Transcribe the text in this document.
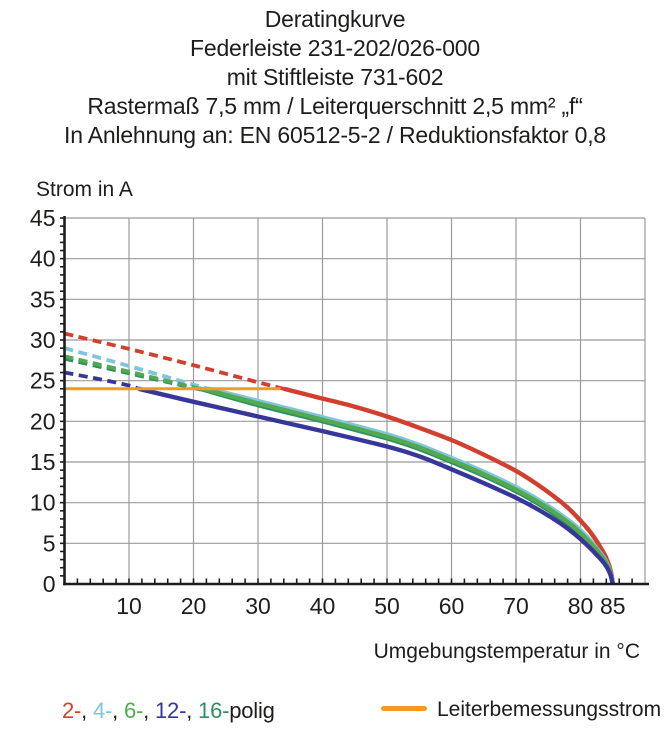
Deratingkurve
Federleiste 231-202/026-000
mit Stiftleiste 731-602
Rastermaß 7,5 mm / Leiterquerschnitt 2,5 mm² „f“
In Anlehnung an: EN 60512-5-2 / Reduktionsfaktor 0,8
Strom in A
10 20 30 40 50 60 70 80 85
0
5
10
15
20
25
30
35
40
45
Umgebungstemperatur in °C
2-, 4-, 6-, 12-, 16-polig	Leiterbemessungsstrom
